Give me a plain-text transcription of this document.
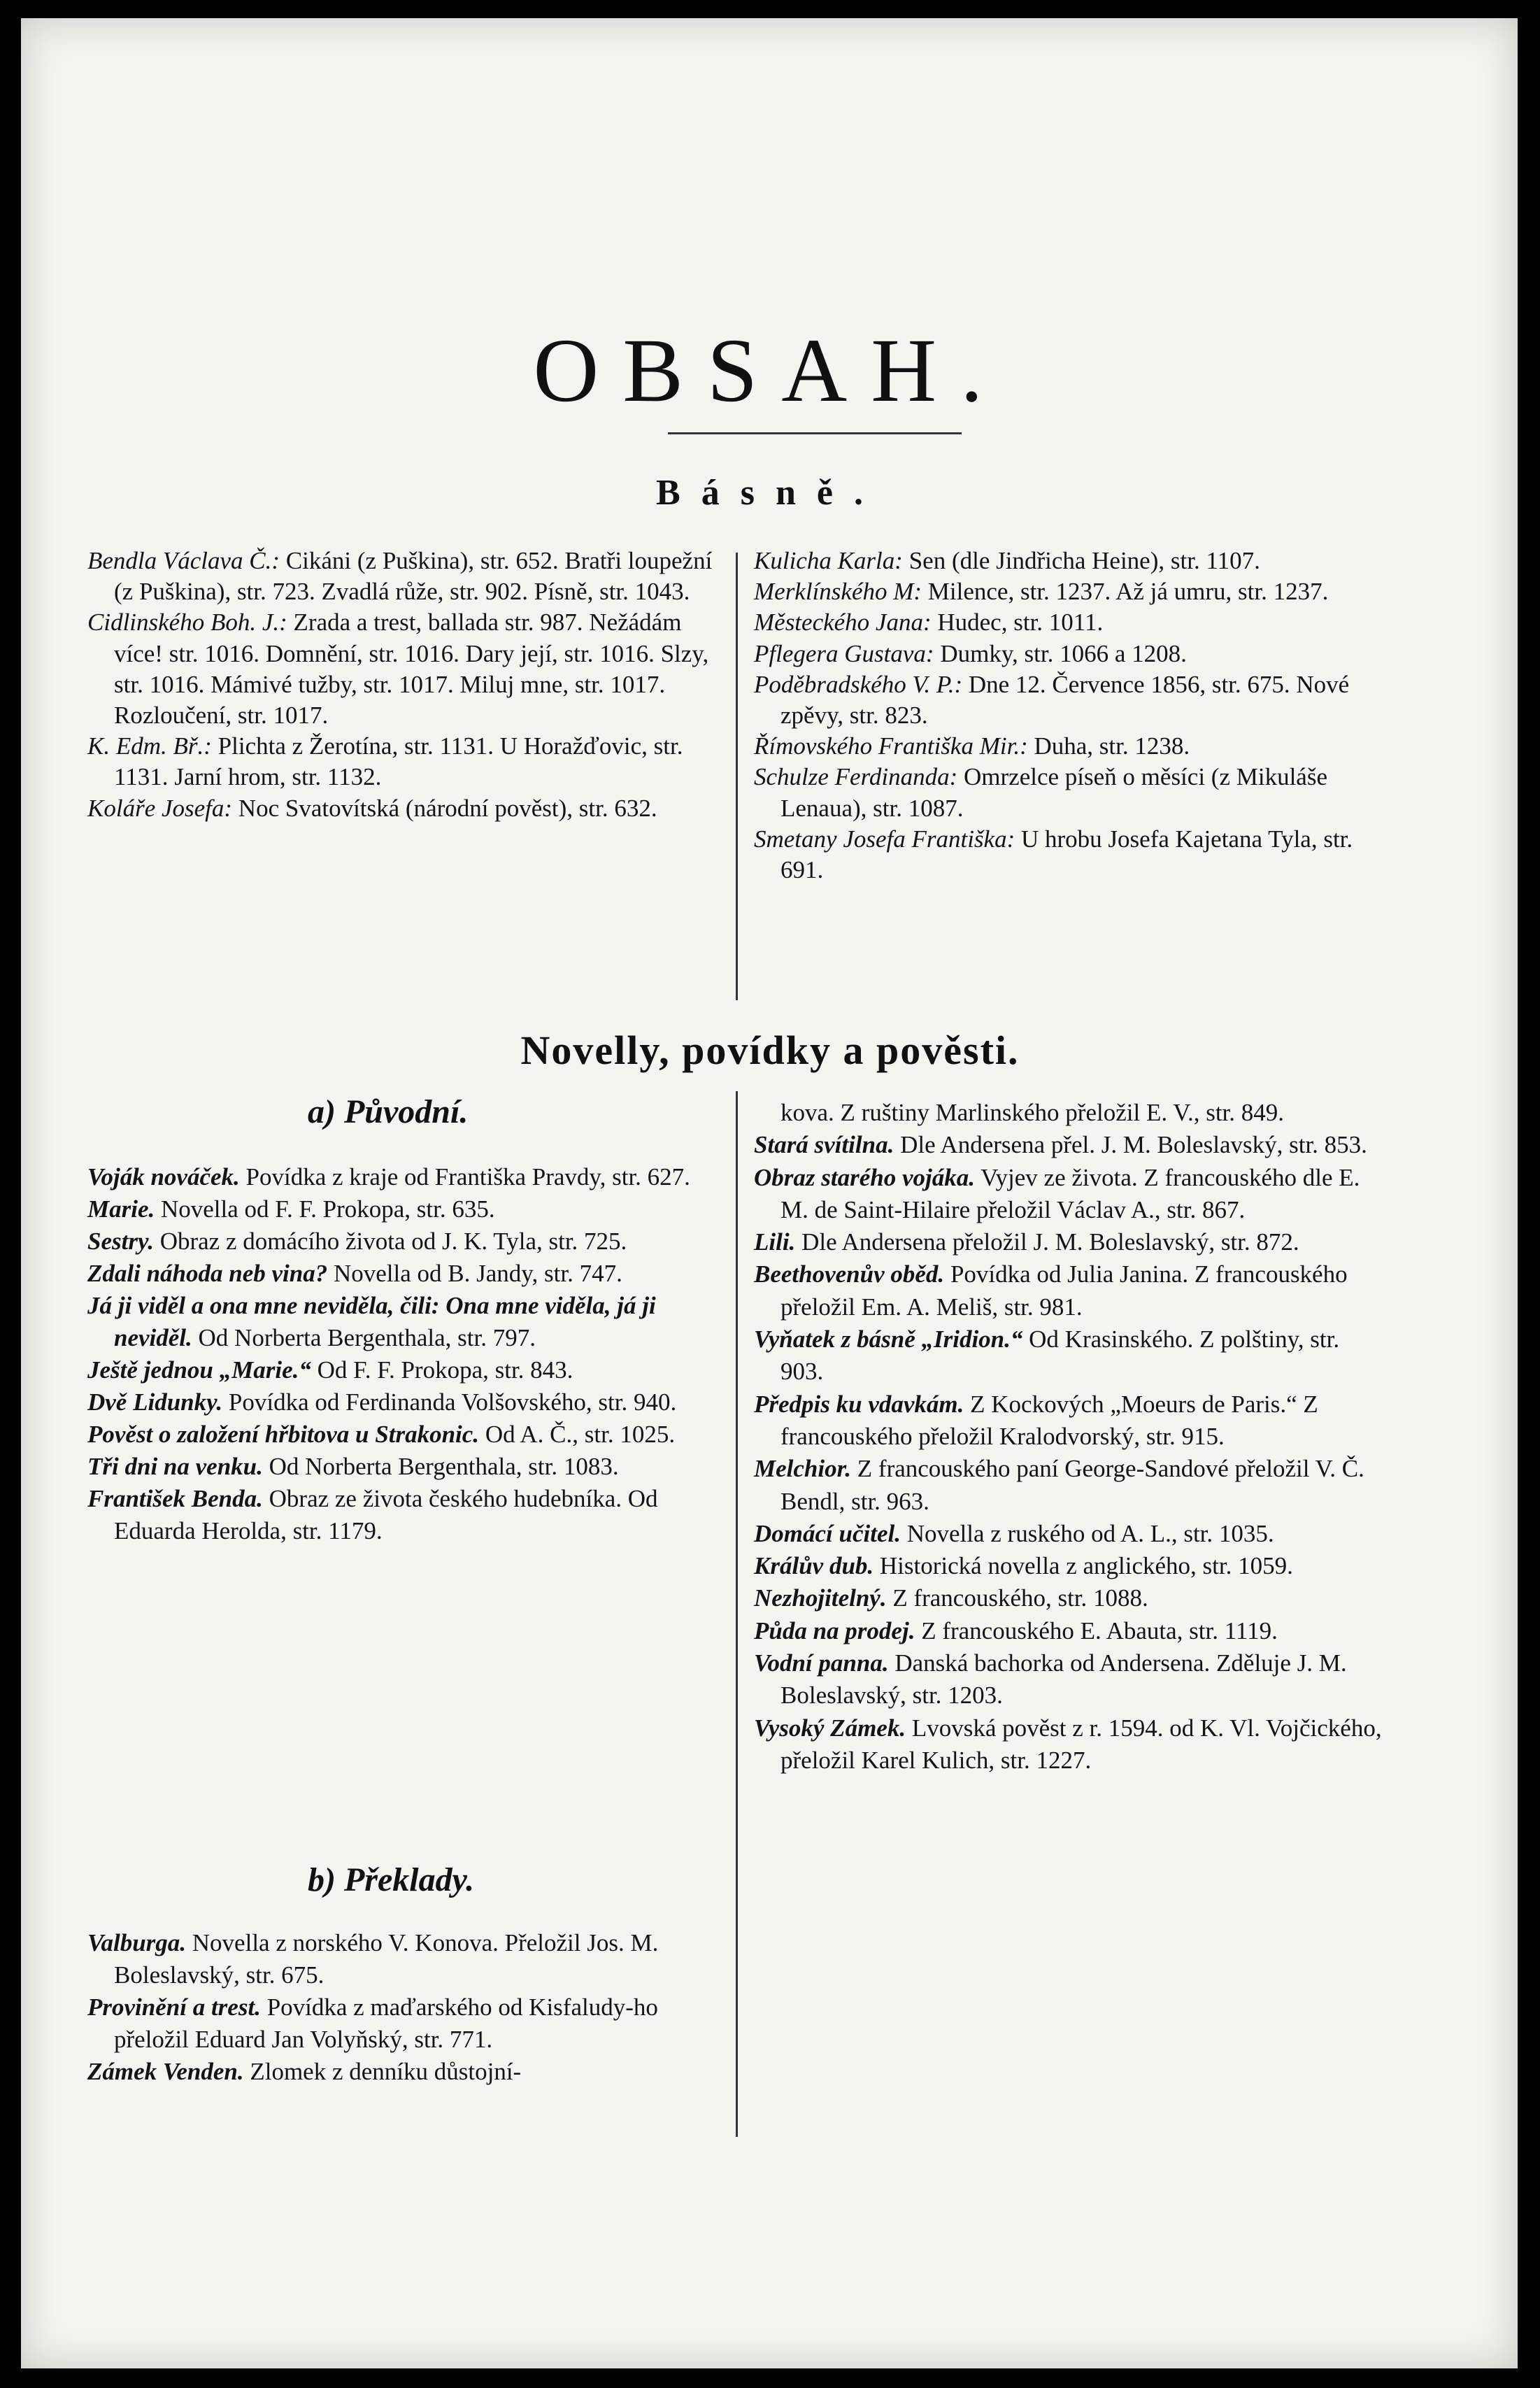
OBSAH.
Básně.

Bendla Václava Č.: Cikáni (z Puškina), str. 652. Bratři loupežní (z Puškina), str. 723. Zvadlá růže, str. 902. Písně, str. 1043.

Cidlinského Boh. J.: Zrada a trest, ballada str. 987. Nežádám více! str. 1016. Domnění, str. 1016. Dary její, str. 1016. Slzy, str. 1016. Mámivé tužby, str. 1017. Miluj mne, str. 1017. Rozloučení, str. 1017.

K. Edm. Bř.: Plichta z Žerotína, str. 1131. U Horažďovic, str. 1131. Jarní hrom, str. 1132.

Koláře Josefa: Noc Svatovítská (národní pověst), str. 632.

Kulicha Karla: Sen (dle Jindřicha Heine), str. 1107.

Merklínského M: Milence, str. 1237. Až já umru, str. 1237.

Městeckého Jana: Hudec, str. 1011.

Pflegera Gustava: Dumky, str. 1066 a 1208.

Poděbradského V. P.: Dne 12. Července 1856, str. 675. Nové zpěvy, str. 823.

Římovského Františka Mir.: Duha, str. 1238.

Schulze Ferdinanda: Omrzelce píseň o měsíci (z Mikuláše Lenaua), str. 1087.

Smetany Josefa Františka: U hrobu Josefa Kajetana Tyla, str. 691.

Novelly, povídky a pověsti.
a) Původní.

Voják nováček. Povídka z kraje od Františka Pravdy, str. 627.

Marie. Novella od F. F. Prokopa, str. 635.

Sestry. Obraz z domácího života od J. K. Tyla, str. 725.

Zdali náhoda neb vina? Novella od B. Jandy, str. 747.

Já ji viděl a ona mne neviděla, čili: Ona mne viděla, já ji neviděl. Od Norberta Bergenthala, str. 797.

Ještě jednou „Marie.“ Od F. F. Prokopa, str. 843.

Dvě Lidunky. Povídka od Ferdinanda Volšovského, str. 940.

Pověst o založení hřbitova u Strakonic. Od A. Č., str. 1025.

Tři dni na venku. Od Norberta Bergenthala, str. 1083.

František Benda. Obraz ze života českého hudebníka. Od Eduarda Herolda, str. 1179.

b) Překlady.

Valburga. Novella z norského V. Konova. Přeložil Jos. M. Boleslavský, str. 675.

Provinění a trest. Povídka z maďarského od Kisfaludy-ho přeložil Eduard Jan Volyňský, str. 771.

Zámek Venden. Zlomek z denníku důstojní-

kova. Z ruštiny Marlinského přeložil E. V., str. 849.

Stará svítilna. Dle Andersena přel. J. M. Boleslavský, str. 853.

Obraz starého vojáka. Vyjev ze života. Z francouského dle E. M. de Saint-Hilaire přeložil Václav A., str. 867.

Lili. Dle Andersena přeložil J. M. Boleslavský, str. 872.

Beethovenův oběd. Povídka od Julia Janina. Z francouského přeložil Em. A. Meliš, str. 981.

Vyňatek z básně „Iridion.“ Od Krasinského. Z polštiny, str. 903.

Předpis ku vdavkám. Z Kockových „Moeurs de Paris.“ Z francouského přeložil Kralodvorský, str. 915.

Melchior. Z francouského paní George-Sandové přeložil V. Č. Bendl, str. 963.

Domácí učitel. Novella z ruského od A. L., str. 1035.

Králův dub. Historická novella z anglického, str. 1059.

Nezhojitelný. Z francouského, str. 1088.

Půda na prodej. Z francouského E. Abauta, str. 1119.

Vodní panna. Danská bachorka od Andersena. Zděluje J. M. Boleslavský, str. 1203.

Vysoký Zámek. Lvovská pověst z r. 1594. od K. Vl. Vojčického, přeložil Karel Kulich, str. 1227.
